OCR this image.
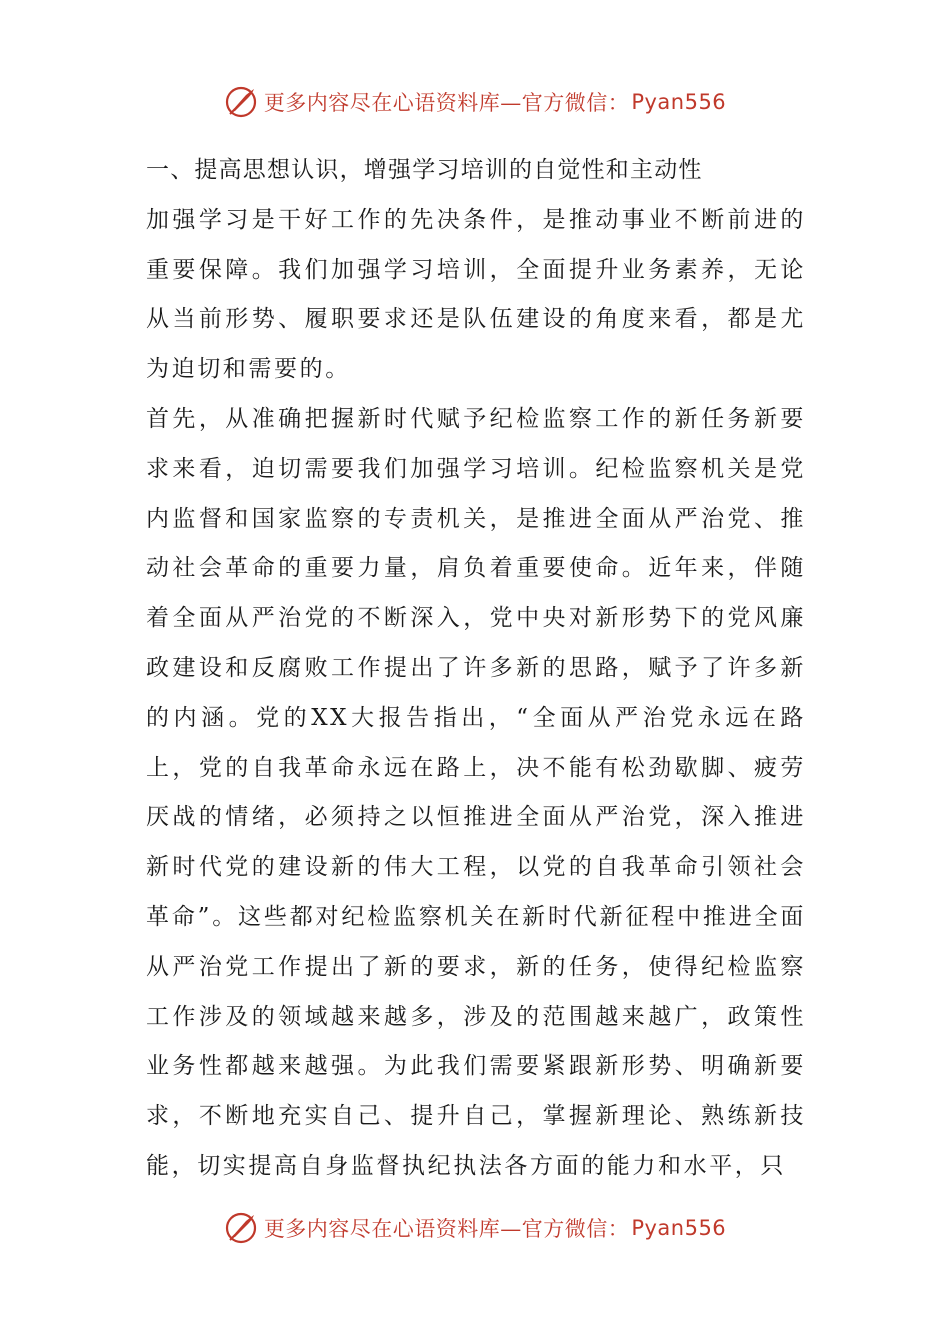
更多内容尽在心语资料库—官方微信： Pyan556

一、提高思想认识，增强学习培训的自觉性和主动性

加强学习是干好工作的先决条件，是推动事业不断前进的重要保障。我们加强学习培训，全面提升业务素养，无论从当前形势、履职要求还是队伍建设的角度来看，都是尤为迫切和需要的。

首先，从准确把握新时代赋予纪检监察工作的新任务新要求来看，迫切需要我们加强学习培训。纪检监察机关是党内监督和国家监察的专责机关，是推进全面从严治党、推动社会革命的重要力量，肩负着重要使命。近年来，伴随着全面从严治党的不断深入，党中央对新形势下的党风廉政建设和反腐败工作提出了许多新的思路，赋予了许多新的内涵。党的XX大报告指出，“全面从严治党永远在路上，党的自我革命永远在路上，决不能有松劲歇脚、疲劳厌战的情绪，必须持之以恒推进全面从严治党，深入推进新时代党的建设新的伟大工程，以党的自我革命引领社会革命”。这些都对纪检监察机关在新时代新征程中推进全面从严治党工作提出了新的要求，新的任务，使得纪检监察工作涉及的领域越来越多，涉及的范围越来越广，政策性业务性都越来越强。为此我们需要紧跟新形势、明确新要求，不断地充实自己、提升自己，掌握新理论、熟练新技能，切实提高自身监督执纪执法各方面的能力和水平，只

更多内容尽在心语资料库—官方微信： Pyan556
